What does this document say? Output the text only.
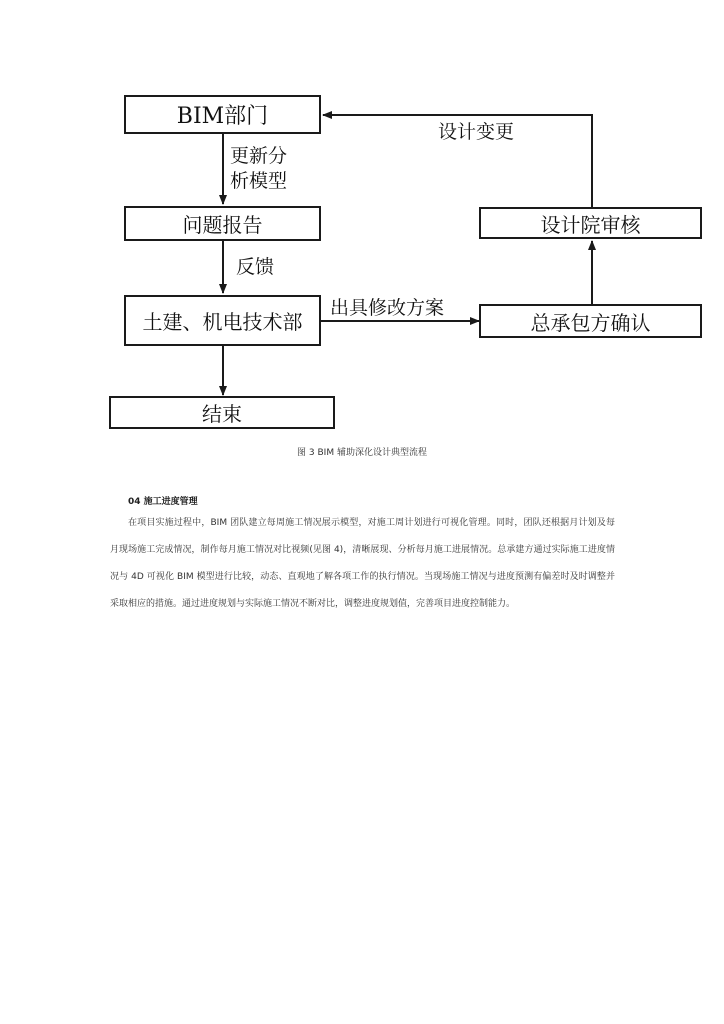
BIM部门
问题报告
土建、机电技术部
结束
设计院审核
总承包方确认
更新分
析模型
反馈
出具修改方案
设计变更
图 3 BIM 辅助深化设计典型流程
04 施工进度管理

在项目实施过程中，BIM 团队建立每周施工情况展示模型，对施工周计划进行可视化管理。同时，团队还根据月计划及每月现场施工完成情况，制作每月施工情况对比视频(见图 4)，清晰展现、分析每月施工进展情况。总承建方通过实际施工进度情况与 4D 可视化 BIM 模型进行比较，动态、直观地了解各项工作的执行情况。当现场施工情况与进度预测有偏差时及时调整并采取相应的措施。通过进度规划与实际施工情况不断对比，调整进度规划值，完善项目进度控制能力。
